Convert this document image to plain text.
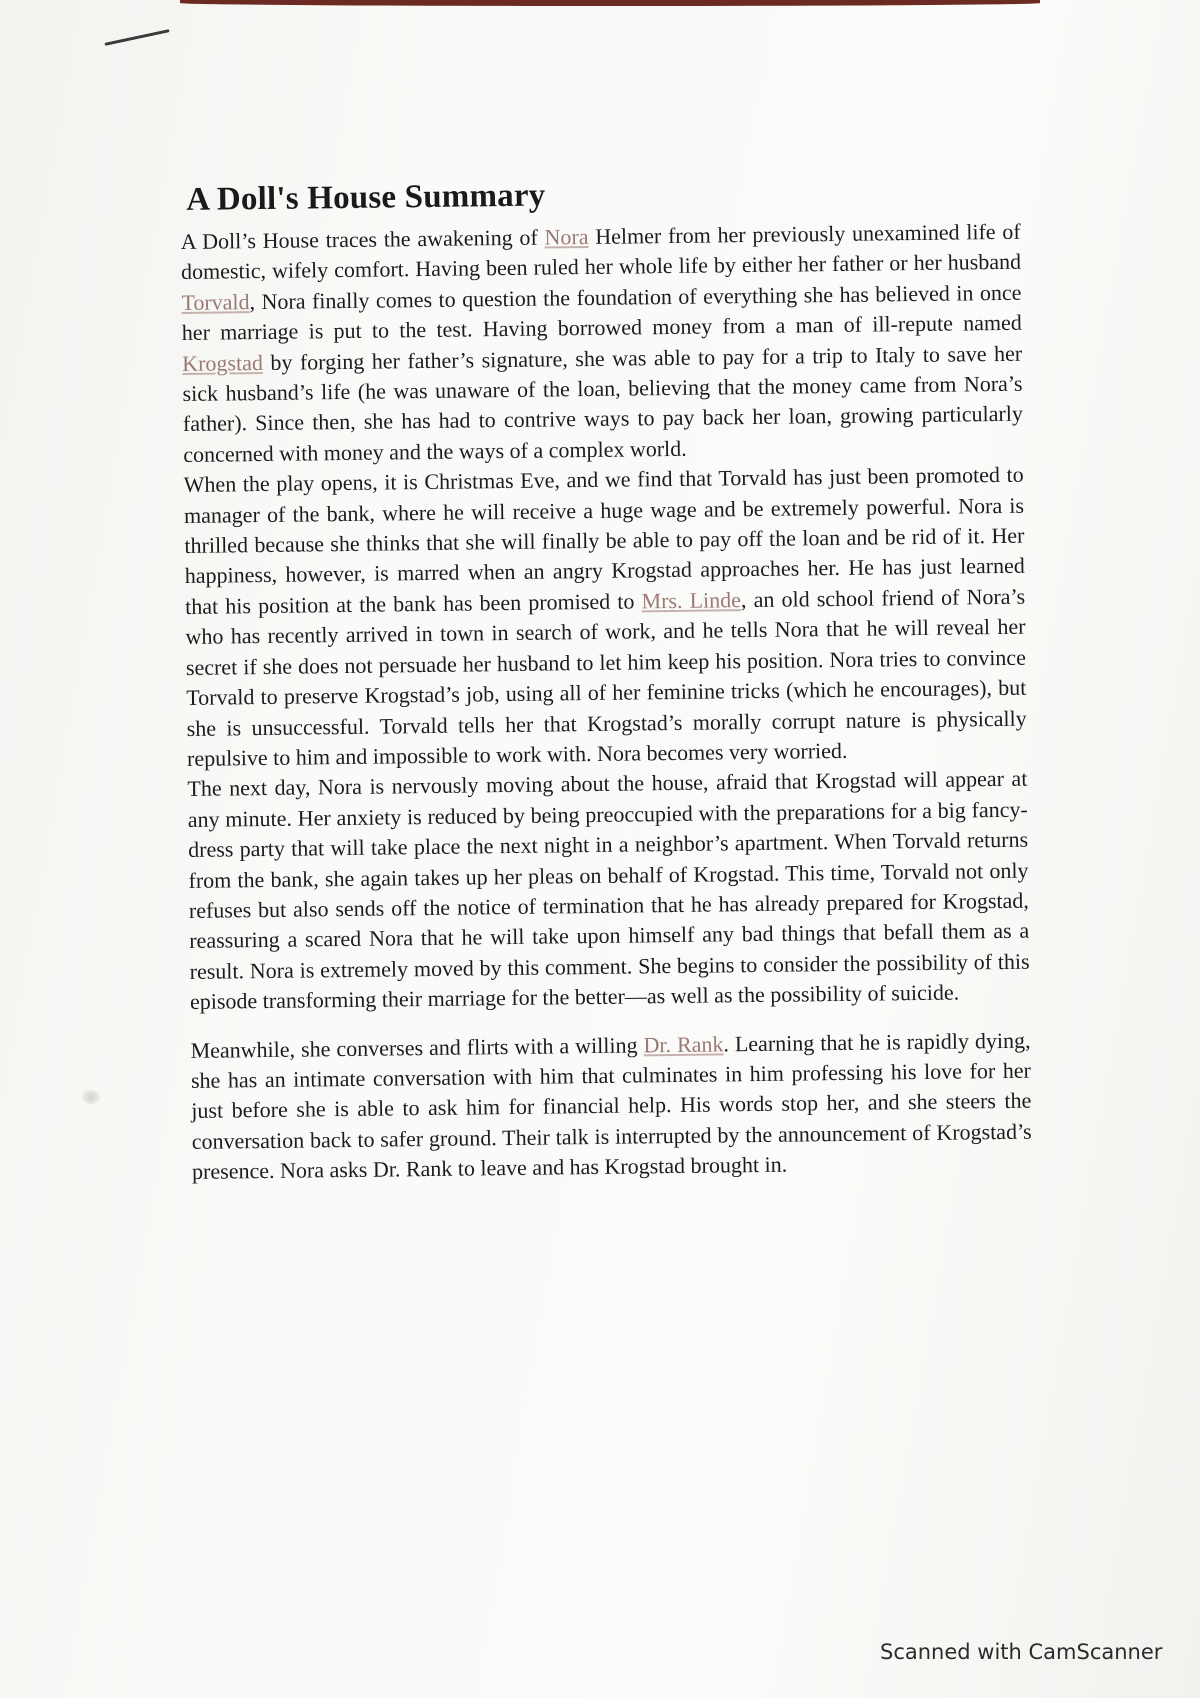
A Doll's House Summary

A Doll’s House traces the awakening of Nora Helmer from her previously unexamined life of domestic, wifely comfort. Having been ruled her whole life by either her father or her husband Torvald, Nora finally comes to question the foundation of everything she has believed in once her marriage is put to the test. Having borrowed money from a man of ill-repute named Krogstad by forging her father’s signature, she was able to pay for a trip to Italy to save her sick husband’s life (he was unaware of the loan, believing that the money came from Nora’s father). Since then, she has had to contrive ways to pay back her loan, growing particularly concerned with money and the ways of a complex world.

When the play opens, it is Christmas Eve, and we find that Torvald has just been promoted to manager of the bank, where he will receive a huge wage and be extremely powerful. Nora is thrilled because she thinks that she will finally be able to pay off the loan and be rid of it. Her happiness, however, is marred when an angry Krogstad approaches her. He has just learned that his position at the bank has been promised to Mrs. Linde, an old school friend of Nora’s who has recently arrived in town in search of work, and he tells Nora that he will reveal her secret if she does not persuade her husband to let him keep his position. Nora tries to convince Torvald to preserve Krogstad’s job, using all of her feminine tricks (which he encourages), but she is unsuccessful. Torvald tells her that Krogstad’s morally corrupt nature is physically repulsive to him and impossible to work with. Nora becomes very worried.

The next day, Nora is nervously moving about the house, afraid that Krogstad will appear at any minute. Her anxiety is reduced by being preoccupied with the preparations for a big fancy-dress party that will take place the next night in a neighbor’s apartment. When Torvald returns from the bank, she again takes up her pleas on behalf of Krogstad. This time, Torvald not only refuses but also sends off the notice of termination that he has already prepared for Krogstad, reassuring a scared Nora that he will take upon himself any bad things that befall them as a result. Nora is extremely moved by this comment. She begins to consider the possibility of this episode transforming their marriage for the better—as well as the possibility of suicide.

Meanwhile, she converses and flirts with a willing Dr. Rank. Learning that he is rapidly dying, she has an intimate conversation with him that culminates in him professing his love for her just before she is able to ask him for financial help. His words stop her, and she steers the conversation back to safer ground. Their talk is interrupted by the announcement of Krogstad’s presence. Nora asks Dr. Rank to leave and has Krogstad brought in.

Scanned with CamScanner
